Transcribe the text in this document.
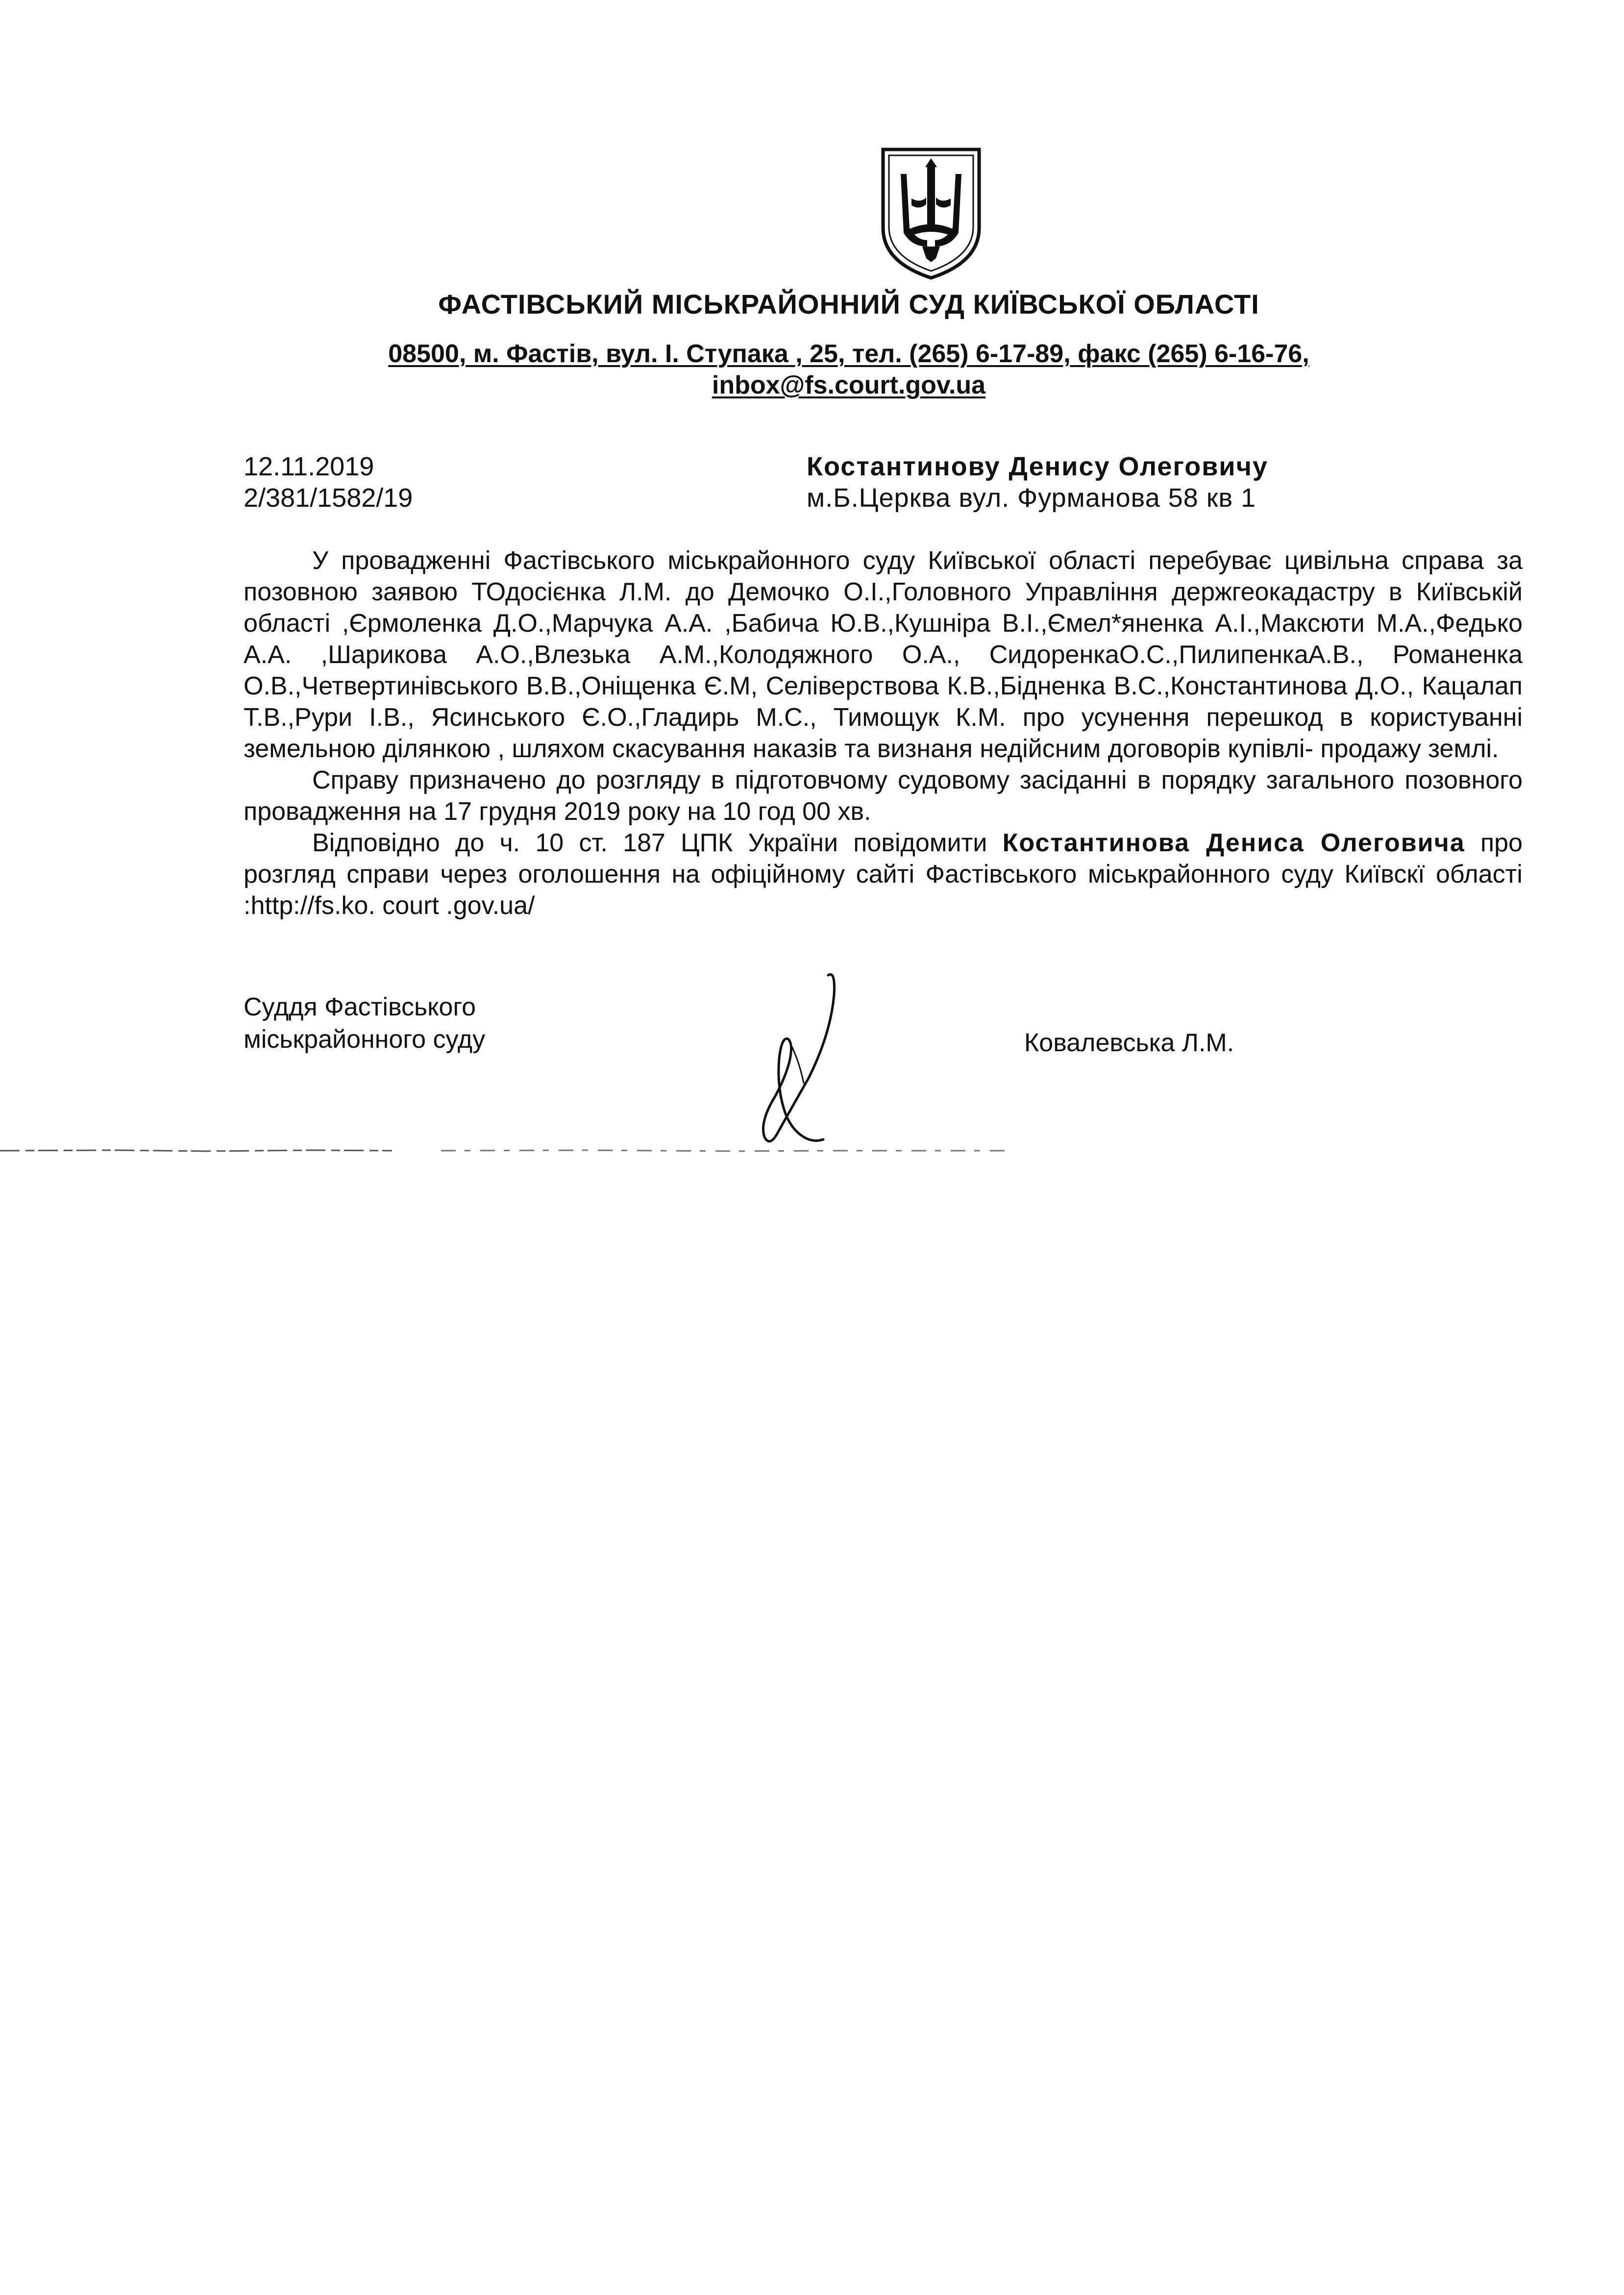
ФАСТІВСЬКИЙ МІСЬКРАЙОННИЙ СУД КИЇВСЬКОЇ ОБЛАСТІ
08500, м. Фастів, вул. І. Ступака , 25, тел. (265) 6-17-89, факс (265) 6-16-76,
inbox@fs.court.gov.ua
12.11.2019
2/381/1582/19
Костантинову Денису Олеговичу
м.Б.Церква вул. Фурманова 58 кв 1

У провадженні Фастівського міськрайонного суду Київської області перебуває цивільна справа за позовною заявою ТОдосієнка Л.М. до Демочко О.І.,Головного Управління держгеокадастру в Київській області ,Єрмоленка Д.О.,Марчука А.А. ,Бабича Ю.В.,Кушніра В.І.,Ємел*яненка А.І.,Максюти М.А.,Федько А.А. ,Шарикова А.О.,Влезька А.М.,Колодяжного О.А., СидоренкаО.С.,ПилипенкаА.В., Романенка О.В.,Четвертинівського В.В.,Оніщенка Є.М, Селіверствова К.В.,Бідненка В.С.,Константинова Д.О., Кацалап Т.В.,Рури І.В., Ясинського Є.О.,Гладирь М.С., Тимощук К.М. про усунення перешкод в користуванні земельною ділянкою , шляхом скасування наказів та визнаня недійсним договорів купівлі- продажу землі.

Справу призначено до розгляду в підготовчому судовому засіданні в порядку загального позовного провадження на 17 грудня 2019 року на 10 год 00 хв.

Відповідно до ч. 10 ст. 187 ЦПК України повідомити Костантинова Дениса Олеговича про розгляд справи через оголошення на офіційному сайті Фастівського міськрайонного суду Київскї області :http://fs.ko. court .gov.ua/

Суддя Фастівського
міськрайонного суду	Ковалевська Л.М.
